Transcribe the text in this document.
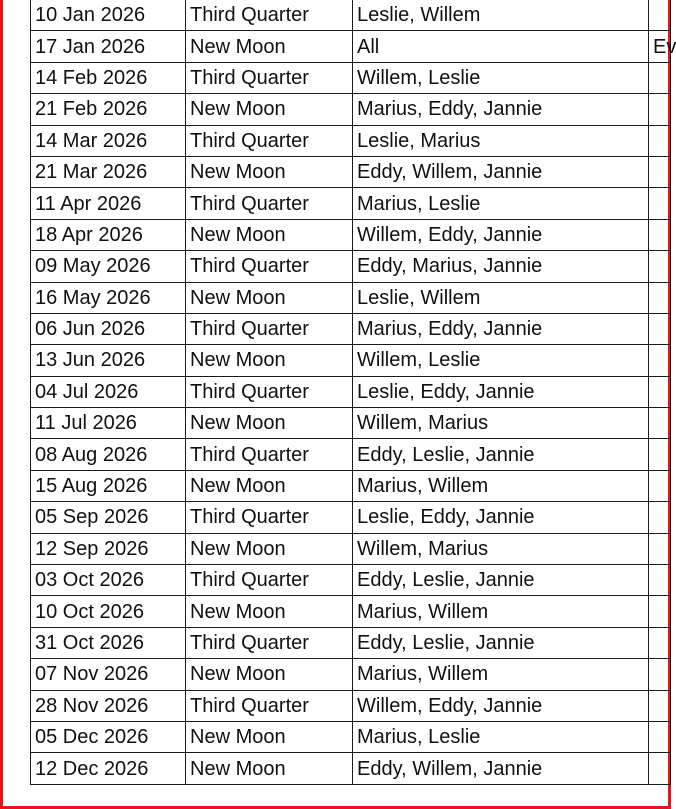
10 Jan 2026	Third Quarter	Leslie, Willem	
17 Jan 2026	New Moon	All	Ev
14 Feb 2026	Third Quarter	Willem, Leslie	
21 Feb 2026	New Moon	Marius, Eddy, Jannie	
14 Mar 2026	Third Quarter	Leslie, Marius	
21 Mar 2026	New Moon	Eddy, Willem, Jannie	
11 Apr 2026	Third Quarter	Marius, Leslie	
18 Apr 2026	New Moon	Willem, Eddy, Jannie	
09 May 2026	Third Quarter	Eddy, Marius, Jannie	
16 May 2026	New Moon	Leslie, Willem	
06 Jun 2026	Third Quarter	Marius, Eddy, Jannie	
13 Jun 2026	New Moon	Willem, Leslie	
04 Jul 2026	Third Quarter	Leslie, Eddy, Jannie	
11 Jul 2026	New Moon	Willem, Marius	
08 Aug 2026	Third Quarter	Eddy, Leslie, Jannie	
15 Aug 2026	New Moon	Marius, Willem	
05 Sep 2026	Third Quarter	Leslie, Eddy, Jannie	
12 Sep 2026	New Moon	Willem, Marius	
03 Oct 2026	Third Quarter	Eddy, Leslie, Jannie	
10 Oct 2026	New Moon	Marius, Willem	
31 Oct 2026	Third Quarter	Eddy, Leslie, Jannie	
07 Nov 2026	New Moon	Marius, Willem	
28 Nov 2026	Third Quarter	Willem, Eddy, Jannie	
05 Dec 2026	New Moon	Marius, Leslie	
12 Dec 2026	New Moon	Eddy, Willem, Jannie	
